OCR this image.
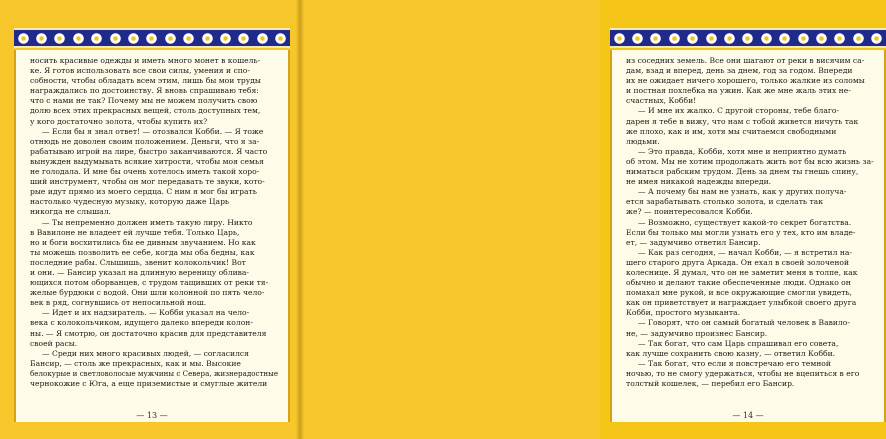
носить красивые одежды и иметь много монет в кошель-
ке. Я готов использовать все свои силы, умения и спо-
собности, чтобы обладать всем этим, лишь бы мои труды
награждались по достоинству. Я вновь спрашиваю тебя:
что с нами не так? Почему мы не можем получить свою
долю всех этих прекрасных вещей, столь доступных тем,
у кого достаточно золота, чтобы купить их?
— Если бы я знал ответ! — отозвался Кобби. — Я тоже
отнюдь не доволен своим положением. Деньги, что я за-
рабатываю игрой на лире, быстро заканчиваются. Я часто
вынужден выдумывать всякие хитрости, чтобы моя семья
не голодала. И мне бы очень хотелось иметь такой хоро-
ший инструмент, чтобы он мог передавать те звуки, кото-
рые идут прямо из моего сердца. С ним я мог бы играть
настолько чудесную музыку, которую даже Царь
никогда не слышал.
— Ты непременно должен иметь такую лиру. Никто
в Вавилоне не владеет ей лучше тебя. Только Царь,
но и боги восхитились бы ее дивным звучанием. Но как
ты можешь позволить ее себе, когда мы оба бедны, как
последние рабы. Слышишь, звенит колокольчик! Вот
и они. — Бансир указал на длинную вереницу облива-
ющихся потом оборванцев, с трудом тащивших от реки тя-
желые бурдюки с водой. Они шли колонной по пять чело-
век в ряд, согнувшись от непосильной нош.
— Идет и их надзиратель. — Кобби указал на чело-
века с колокольчиком, идущего далеко впереди колон-
ны. — Я смотрю, он достаточно красив для представителя
своей расы.
— Среди них много красивых людей, — согласился
Бансир, — столь же прекрасных, как и мы. Высокие
белокурые и светловолосые мужчины с Севера, жизнерадостные
чернокожие с Юга, а еще приземистые и смуглые жители
— 13 —
из соседних земель. Все они шагают от реки в висячим са-
дам, взад и вперед, день за днем, год за годом. Впереди
их не ожидает ничего хорошего, только жалкие из соломы
и постная похлебка на ужин. Как же мне жаль этих не-
счастных, Кобби!
— И мне их жалко. С другой стороны, тебе благо-
дарен я тебе в вижу, что нам с тобой живется ничуть так
же плохо, как и им, хотя мы считаемся свободными
людьми.
— Это правда, Кобби, хотя мне и неприятно думать
об этом. Мы не хотим продолжать жить вот бы всю жизнь за-
ниматься рабским трудом. День за днем ты гнешь спину,
не имея никакой надежды впереди.
— А почему бы нам не узнать, как у других получа-
ется зарабатывать столько золота, и сделать так
же? — поинтересовался Кобби.
— Возможно, существует какой-то секрет богатства.
Если бы только мы могли узнать его у тех, кто им владе-
ет, — задумчиво ответил Бансир.
— Как раз сегодня, — начал Кобби, — я встретил на-
шего старого друга Аркада. Он ехал в своей золоченой
колеснице. Я думал, что он не заметит меня в толпе, как
обычно и делают такие обеспеченные люди. Однако он
помахал мне рукой, и все окружающие смогли увидеть,
как он приветствует и награждает улыбкой своего друга
Кобби, простого музыканта.
— Говорят, что он самый богатый человек в Вавило-
не, — задумчиво произнес Бансир.
— Так богат, что сам Царь спрашивал его совета,
как лучше сохранить свою казну, — ответил Кобби.
— Так богат, что если я повстречаю его темной
ночью, то не смогу удержаться, чтобы не вцепиться в его
толстый кошелек, — перебил его Бансир.
— 14 —
